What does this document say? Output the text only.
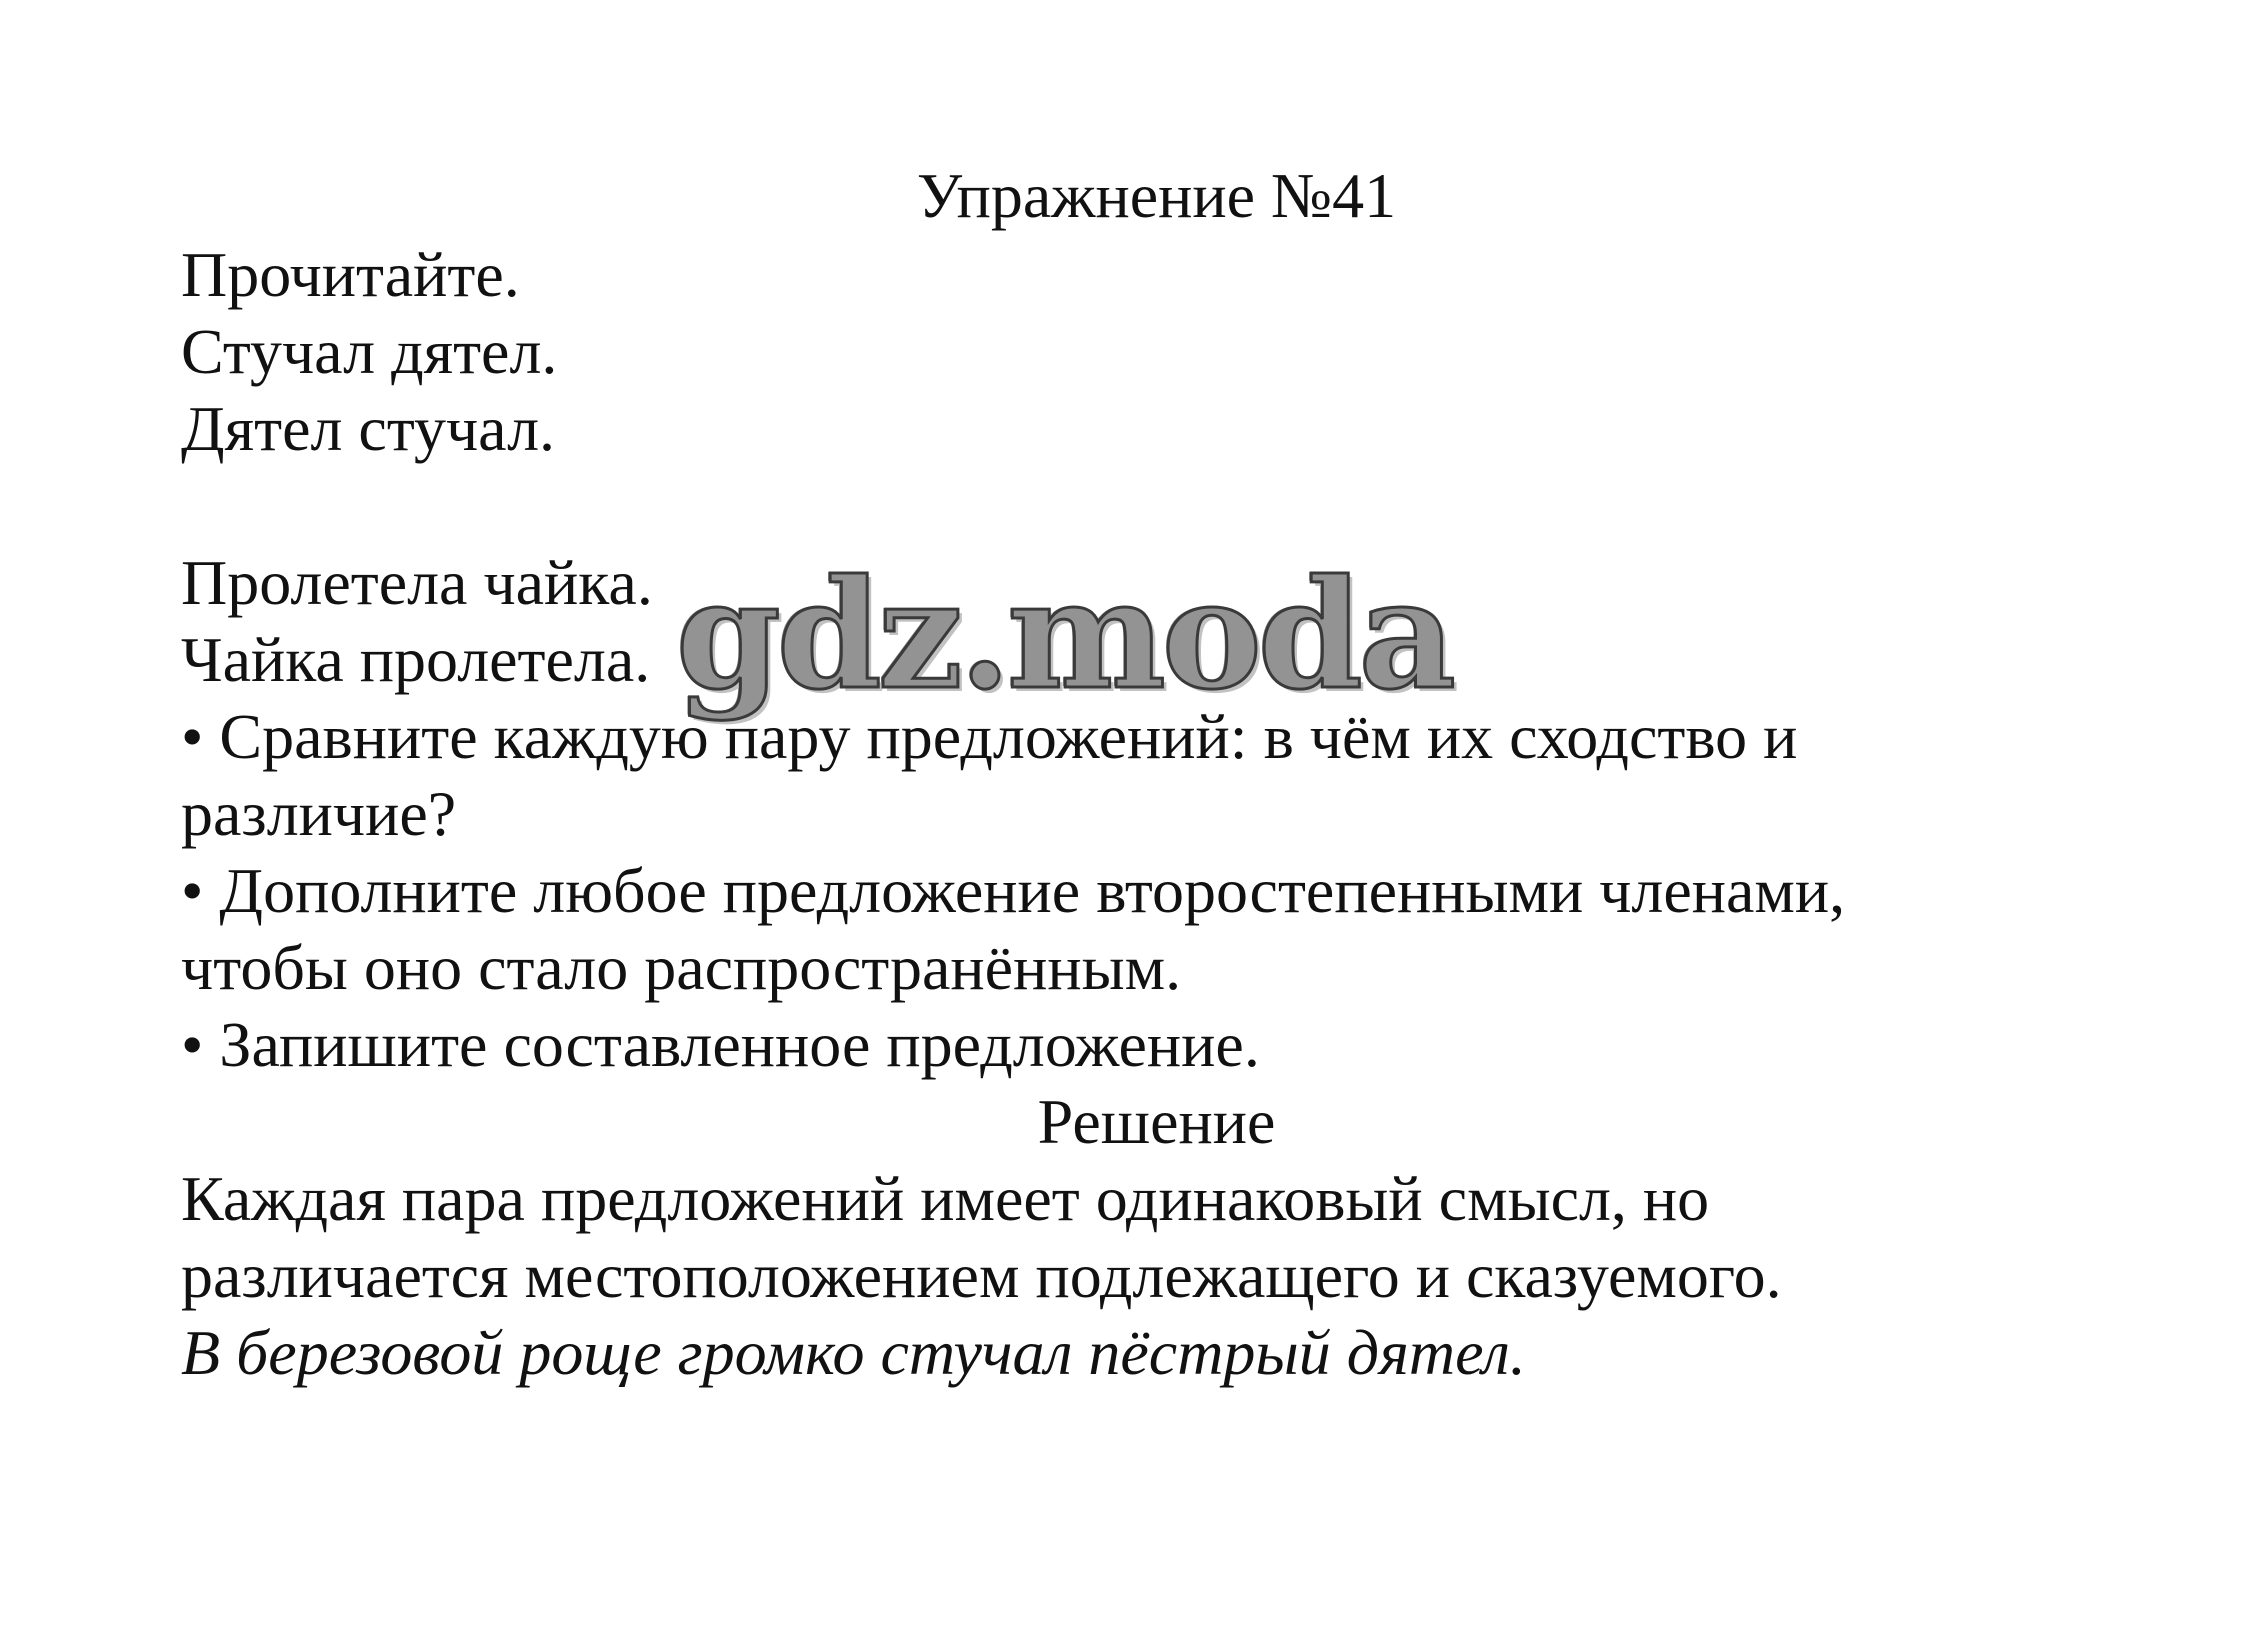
Упражнение №41
Прочитайте.
Стучал дятел.
Дятел стучал.
Пролетела чайка.
Чайка пролетела.
• Сравните каждую пару предложений: в чём их сходство и
различие?
• Дополните любое предложение второстепенными членами,
чтобы оно стало распространённым.
• Запишите составленное предложение.
Решение
Каждая пара предложений имеет одинаковый смысл, но
различается местоположением подлежащего и сказуемого.
В березовой роще громко стучал пёстрый дятел.
gdz.moda
